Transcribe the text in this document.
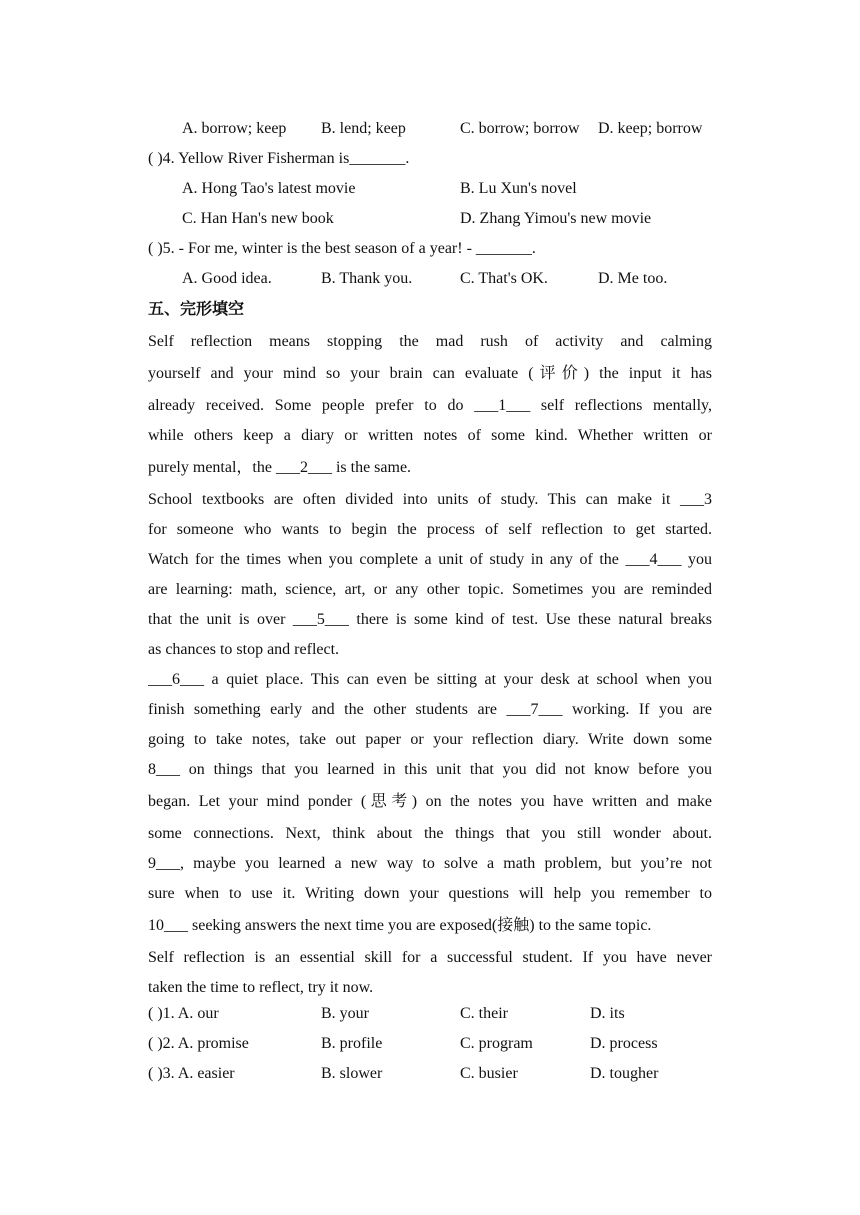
A. borrow; keep B. lend; keep	C. borrow; borrow D. keep; borrow
( )4. Yellow River Fisherman is_______.
A. Hong Tao's latest movie	B. Lu Xun's novel
C. Han Han's new book	D. Zhang Yimou's new movie
( )5. - For me, winter is the best season of a year! - _______.
A. Good idea.	B. Thank you.	C. That's OK.	D. Me too.
五、完形填空
Self reflection means stopping the mad rush of activity and calming
yourself and your mind so your brain can evaluate (评价) the input it has
already received. Some people prefer to do ___1___ self reflections mentally,
while others keep a diary or written notes of some kind. Whether written or
purely mental，the ___2___ is the same.
School textbooks are often divided into units of study. This can make it ___3
for someone who wants to begin the process of self reflection to get started.
Watch for the times when you complete a unit of study in any of the ___4___ you
are learning: math, science, art, or any other topic. Sometimes you are reminded
that the unit is over ___5___ there is some kind of test. Use these natural breaks
as chances to stop and reflect.
___6___ a quiet place. This can even be sitting at your desk at school when you
finish something early and the other students are ___7___ working. If you are
going to take notes, take out paper or your reflection diary. Write down some
8___ on things that you learned in this unit that you did not know before you
began. Let your mind ponder (思考) on the notes you have written and make
some connections. Next, think about the things that you still wonder about.
9___, maybe you learned a new way to solve a math problem, but you’re not
sure when to use it. Writing down your questions will help you remember to
10___ seeking answers the next time you are exposed(接触) to the same topic.
Self reflection is an essential skill for a successful student. If you have never
taken the time to reflect, try it now.
( )1. A. our	B. your	C. their	D. its
( )2. A. promise	B. profile	C. program	D. process
( )3. A. easier	B. slower	C. busier	D. tougher
